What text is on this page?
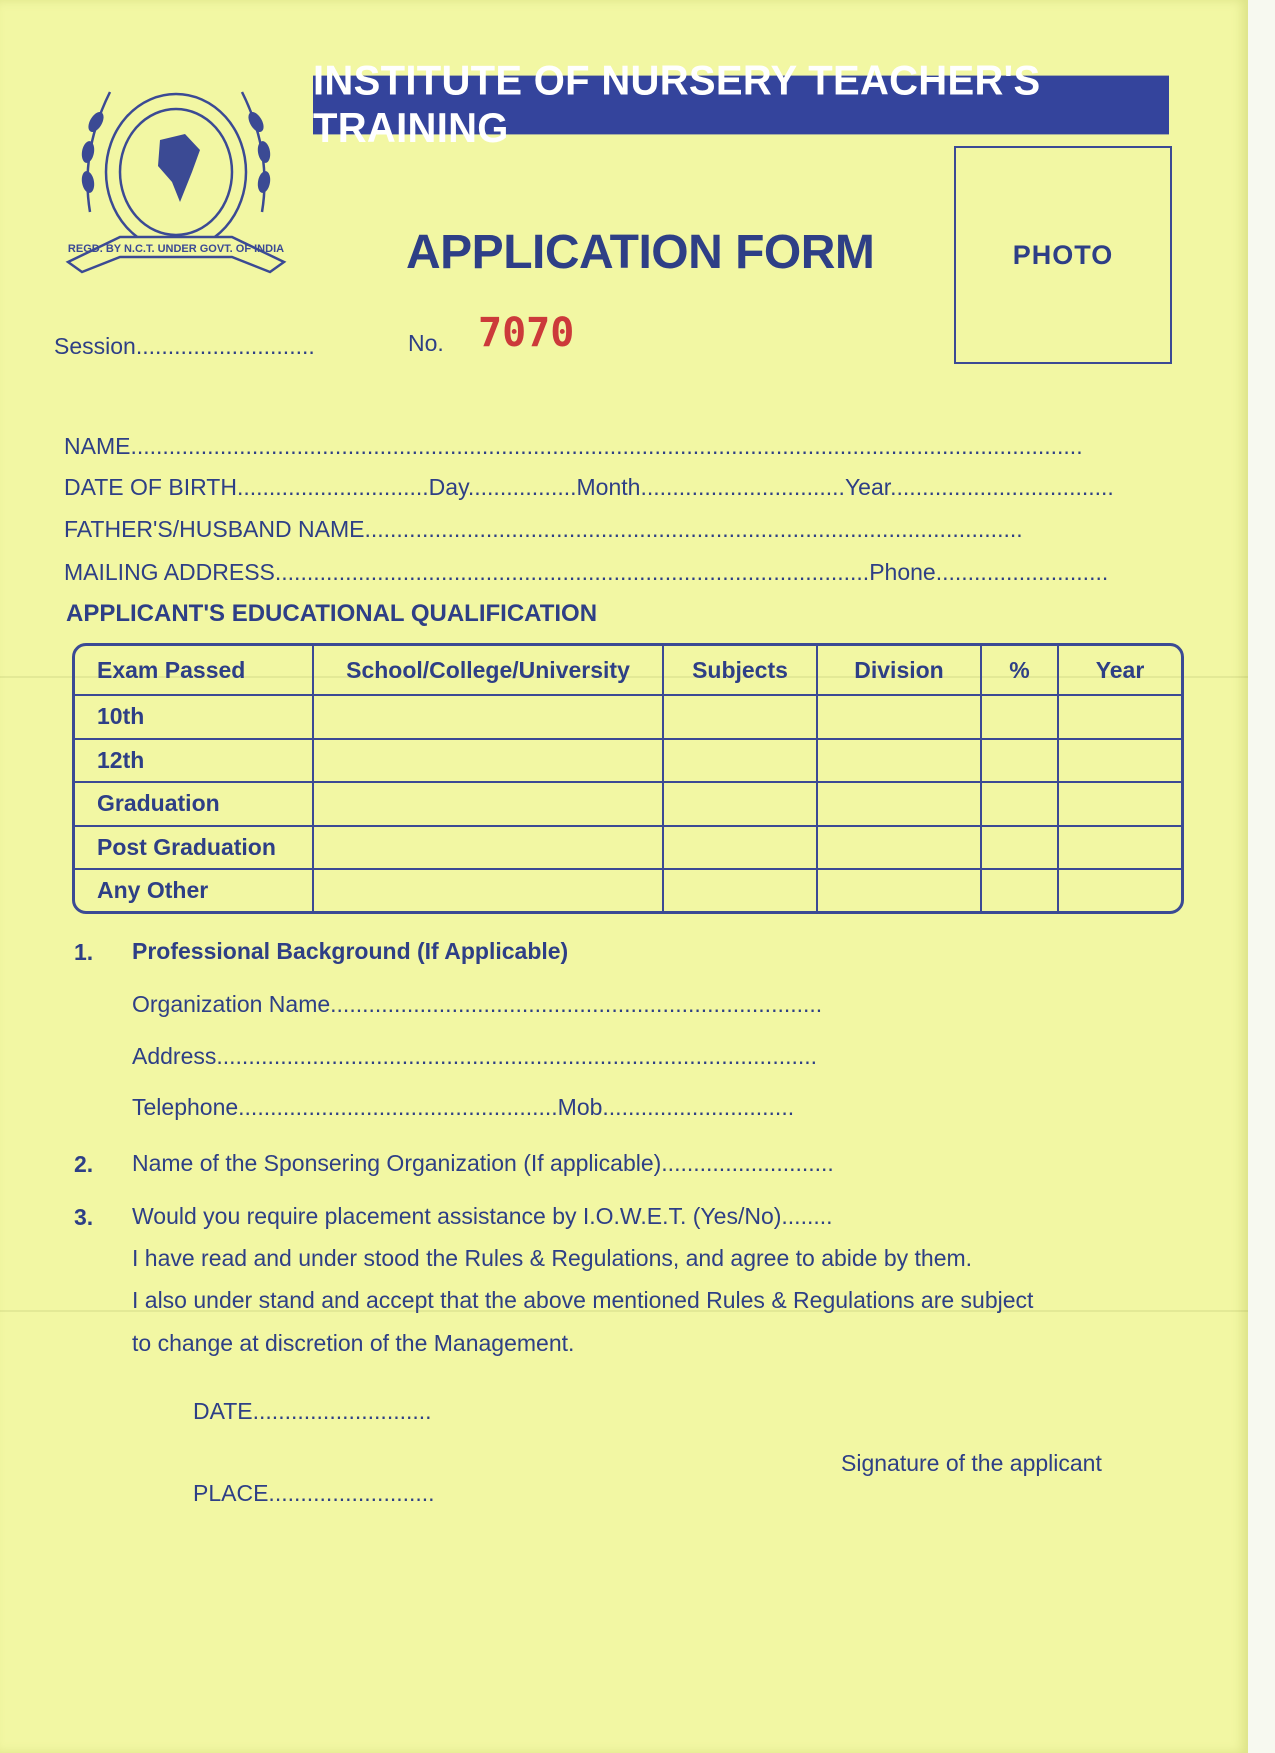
REGD. BY N.C.T. UNDER GOVT. OF INDIA
INSTITUTE OF NURSERY TEACHER'S TRAINING
PHOTO
APPLICATION FORM
Session............................	No. 7070
NAME.....................................................................................................................................................
DATE OF BIRTH..............................Day.................Month................................Year...................................
FATHER'S/HUSBAND NAME.......................................................................................................
MAILING ADDRESS.............................................................................................Phone...........................
APPLICANT'S EDUCATIONAL QUALIFICATION
Exam Passed	School/College/University	Subjects	Division	%	Year
10th					
12th					
Graduation					
Post Graduation					
Any Other					
1. Professional Background (If Applicable)
Organization Name.............................................................................
Address..............................................................................................
Telephone..................................................Mob..............................
2. Name of the Sponsering Organization (If applicable)...........................
3. Would you require placement assistance by I.O.W.E.T. (Yes/No)........
I have read and under stood the Rules & Regulations, and agree to abide by them.
I also under stand and accept that the above mentioned Rules & Regulations are subject
to change at discretion of the Management.
DATE............................
PLACE..........................
Signature of the applicant
